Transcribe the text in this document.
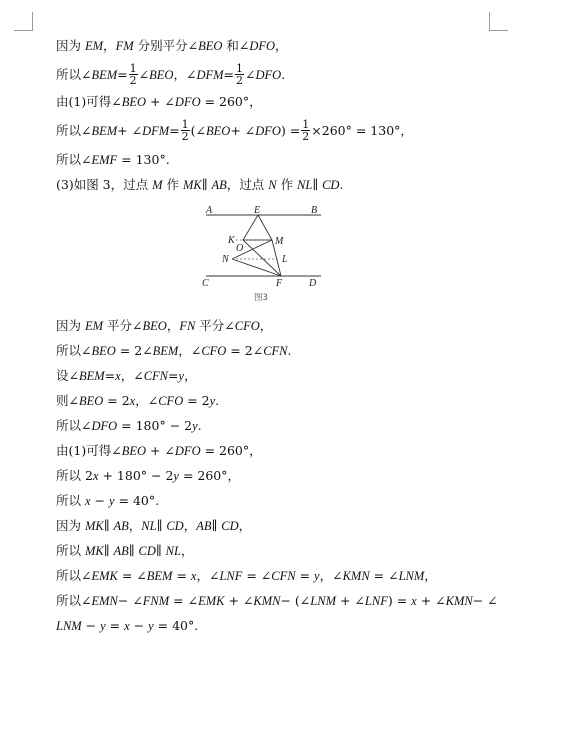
因为 EM，FM 分别平分∠BEO 和∠DFO，
所以∠BEM= $\frac{1}{2}$ ∠BEO，∠DFM= $\frac{1}{2}$ ∠DFO.
由(1)可得∠BEO + ∠DFO = 260°，
所以∠BEM+ ∠DFM= $\frac{1}{2}$ (∠BEO+ ∠DFO) = $\frac{1}{2} \times 260^\circ = 130^\circ$，
所以∠EMF = 130°.
(3)如图 3，过点 M 作 MK∥ AB，过点 N 作 NL∥ CD.
A	E	B
K
O
M
N	L
C	F	D
图3
因为 EM 平分∠BEO，FN 平分∠CFO，
所以∠BEO = 2∠BEM，∠CFO = 2∠CFN.
设∠BEM=x，∠CFN=y，
则∠BEO = 2x，∠CFO = 2y.
所以∠DFO = 180° − 2y.
由(1)可得∠BEO + ∠DFO = 260°，
所以 2x + 180° − 2y = 260°，
所以 x − y = 40°.
因为 MK∥ AB，NL∥ CD，AB∥ CD，
所以 MK∥ AB∥ CD∥ NL，
所以∠EMK = ∠BEM = x，∠LNF = ∠CFN = y，∠KMN = ∠LNM，
所以∠EMN− ∠FNM = ∠EMK + ∠KMN− (∠LNM + ∠LNF) = x + ∠KMN− ∠
LNM − y = x − y = 40°.
